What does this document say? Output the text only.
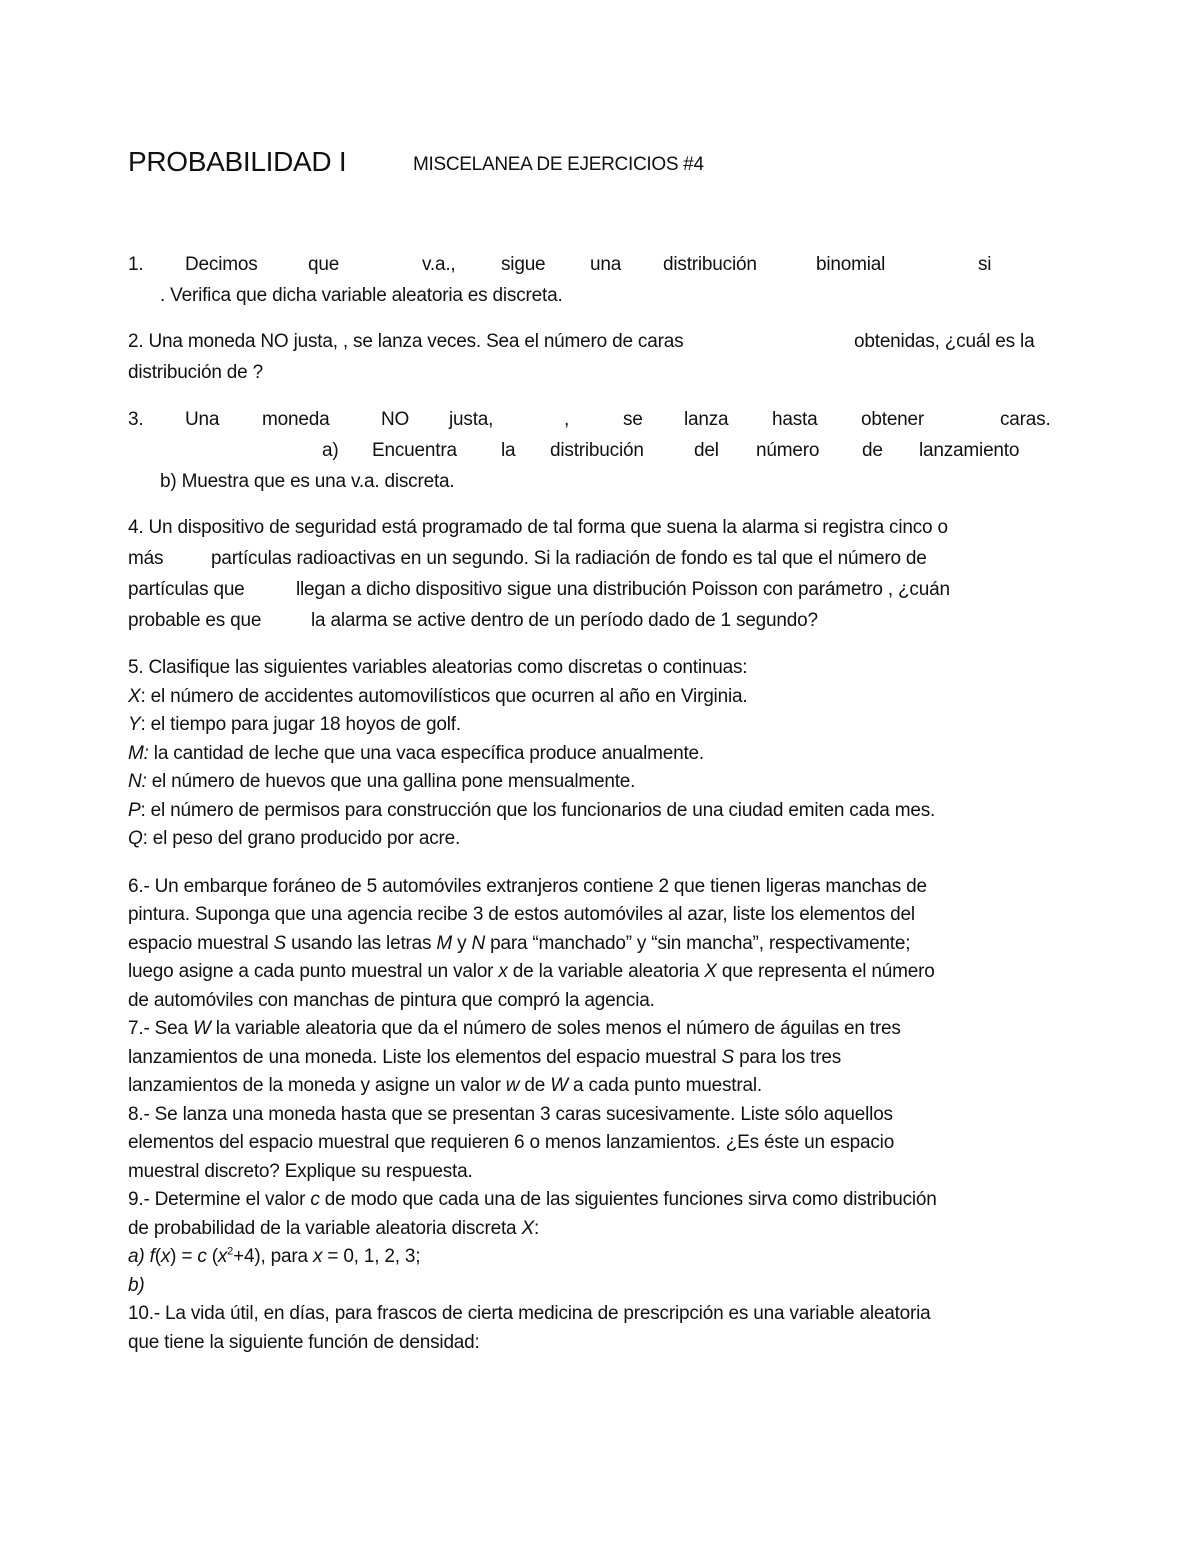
PROBABILIDAD I	MISCELANEA DE EJERCICIOS #4
1. Decimos	que	v.a., sigue una distribución	binomial	si
. Verifica que dicha variable aleatoria es discreta.
2. Una moneda NO justa, , se lanza veces. Sea el número de caras	obtenidas, ¿cuál es la
distribución de ?
3. Una moneda	NO justa,	,	se lanza hasta obtener	caras.
a) Encuentra la distribución	del número de lanzamiento
b) Muestra que es una v.a. discreta.
4. Un dispositivo de seguridad está programado de tal forma que suena la alarma si registra cinco o
más	partículas radioactivas en un segundo. Si la radiación de fondo es tal que el número de
partículas que	llegan a dicho dispositivo sigue una distribución Poisson con parámetro , ¿cuán
probable es que	la alarma se active dentro de un período dado de 1 segundo?
5. Clasifique las siguientes variables aleatorias como discretas o continuas:
X: el número de accidentes automovilísticos que ocurren al año en Virginia.
Y: el tiempo para jugar 18 hoyos de golf.
M: la cantidad de leche que una vaca específica produce anualmente.
N: el número de huevos que una gallina pone mensualmente.
P: el número de permisos para construcción que los funcionarios de una ciudad emiten cada mes.
Q: el peso del grano producido por acre.
6.- Un embarque foráneo de 5 automóviles extranjeros contiene 2 que tienen ligeras manchas de
pintura. Suponga que una agencia recibe 3 de estos automóviles al azar, liste los elementos del
espacio muestral S usando las letras M y N para “manchado” y “sin mancha”, respectivamente;
luego asigne a cada punto muestral un valor x de la variable aleatoria X que representa el número
de automóviles con manchas de pintura que compró la agencia.
7.- Sea W la variable aleatoria que da el número de soles menos el número de águilas en tres
lanzamientos de una moneda. Liste los elementos del espacio muestral S para los tres
lanzamientos de la moneda y asigne un valor w de W a cada punto muestral.
8.- Se lanza una moneda hasta que se presentan 3 caras sucesivamente. Liste sólo aquellos
elementos del espacio muestral que requieren 6 o menos lanzamientos. ¿Es éste un espacio
muestral discreto? Explique su respuesta.
9.- Determine el valor c de modo que cada una de las siguientes funciones sirva como distribución
de probabilidad de la variable aleatoria discreta X:
a) f(x) = c $(x^2+4)$, para x = 0, 1, 2, 3;
b)
10.- La vida útil, en días, para frascos de cierta medicina de prescripción es una variable aleatoria
que tiene la siguiente función de densidad:
